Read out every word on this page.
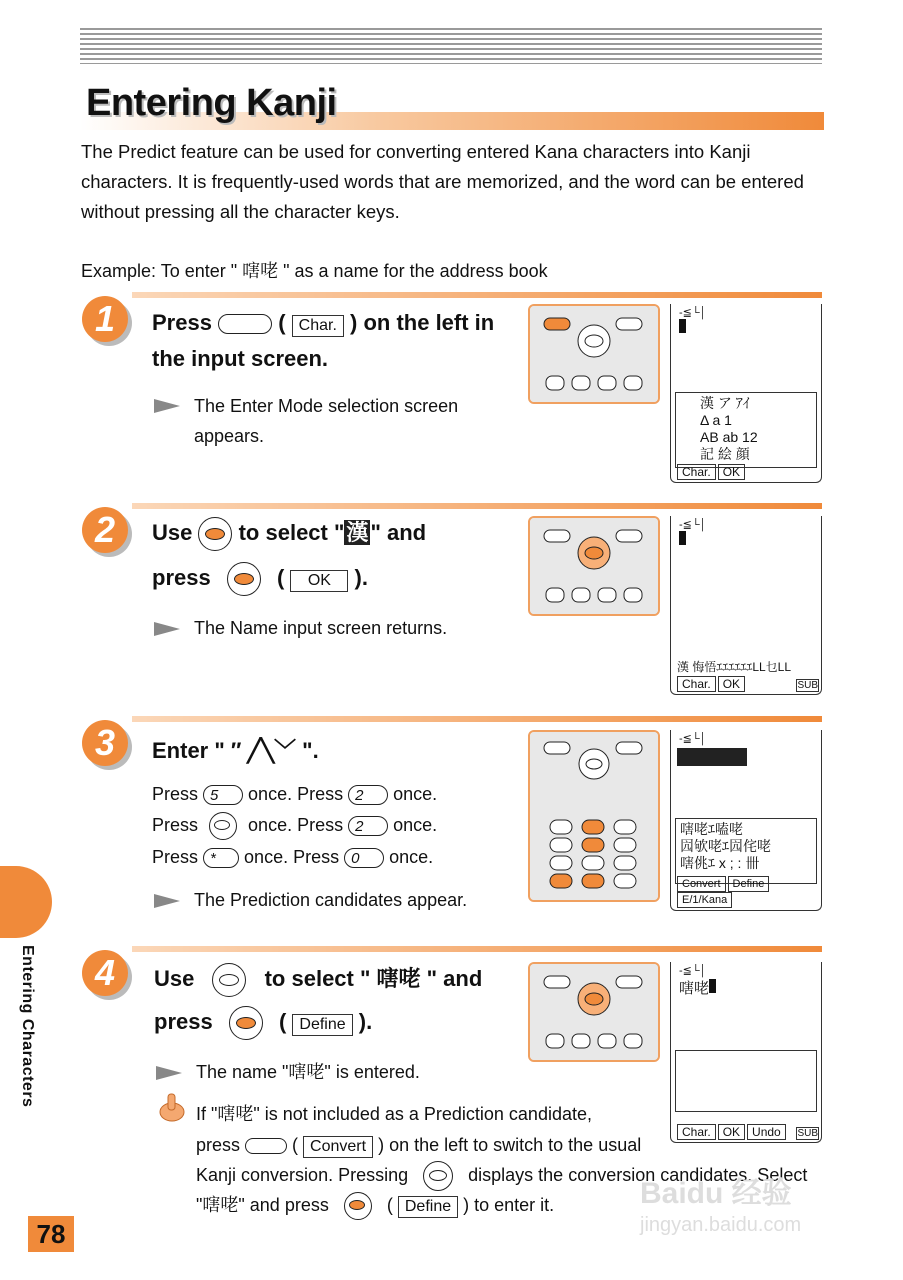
Entering Kanji
The Predict feature can be used for converting entered Kana characters into Kanji characters. It is frequently-used words that are memorized, and the word can be entered without pressing all the character keys.
Example: To enter " 嗐咾 " as a name for the address book
1	Press	( Char. ) on the left in
the input screen.
The Enter Mode selection screen appears.
-≦└│

漢 ア ｱｲ
Δ a 1
AB ab 12
記 絵 顔
Char. OK
2	Use to select "漢" and
press	( OK ).
The Name input screen returns.
-≦└│

漢 悔悟ｴｴｴｴｴｴLL乜LL
Char. OK	SUB
3	Enter " ″ ╱╲﹀ ".
Press 5 once. Press 2 once.
Press	once. Press 2 once.
Press * once. Press 0 once.
The Prediction candidates appear.
-≦└│
嗐咾ｴ嗑咾
囥欨咾ｴ囥侘咾
嗐佻ｴ x ; : 卌
Convert DefineE/1/Kana
4	Use	to select " 嗐咾 " and
press	( Define ).
The name "嗐咾" is entered.
If "嗐咾" is not included as a Prediction candidate,
press	( Convert ) on the left to switch to the usual
Kanji conversion. Pressing	displays the conversion candidates. Select
"嗐咾" and press	( Define ) to enter it.
-≦└│
嗐咾
Char. OK Undo	SUB
Entering Characters
78
Baidu 经验
jingyan.baidu.com
